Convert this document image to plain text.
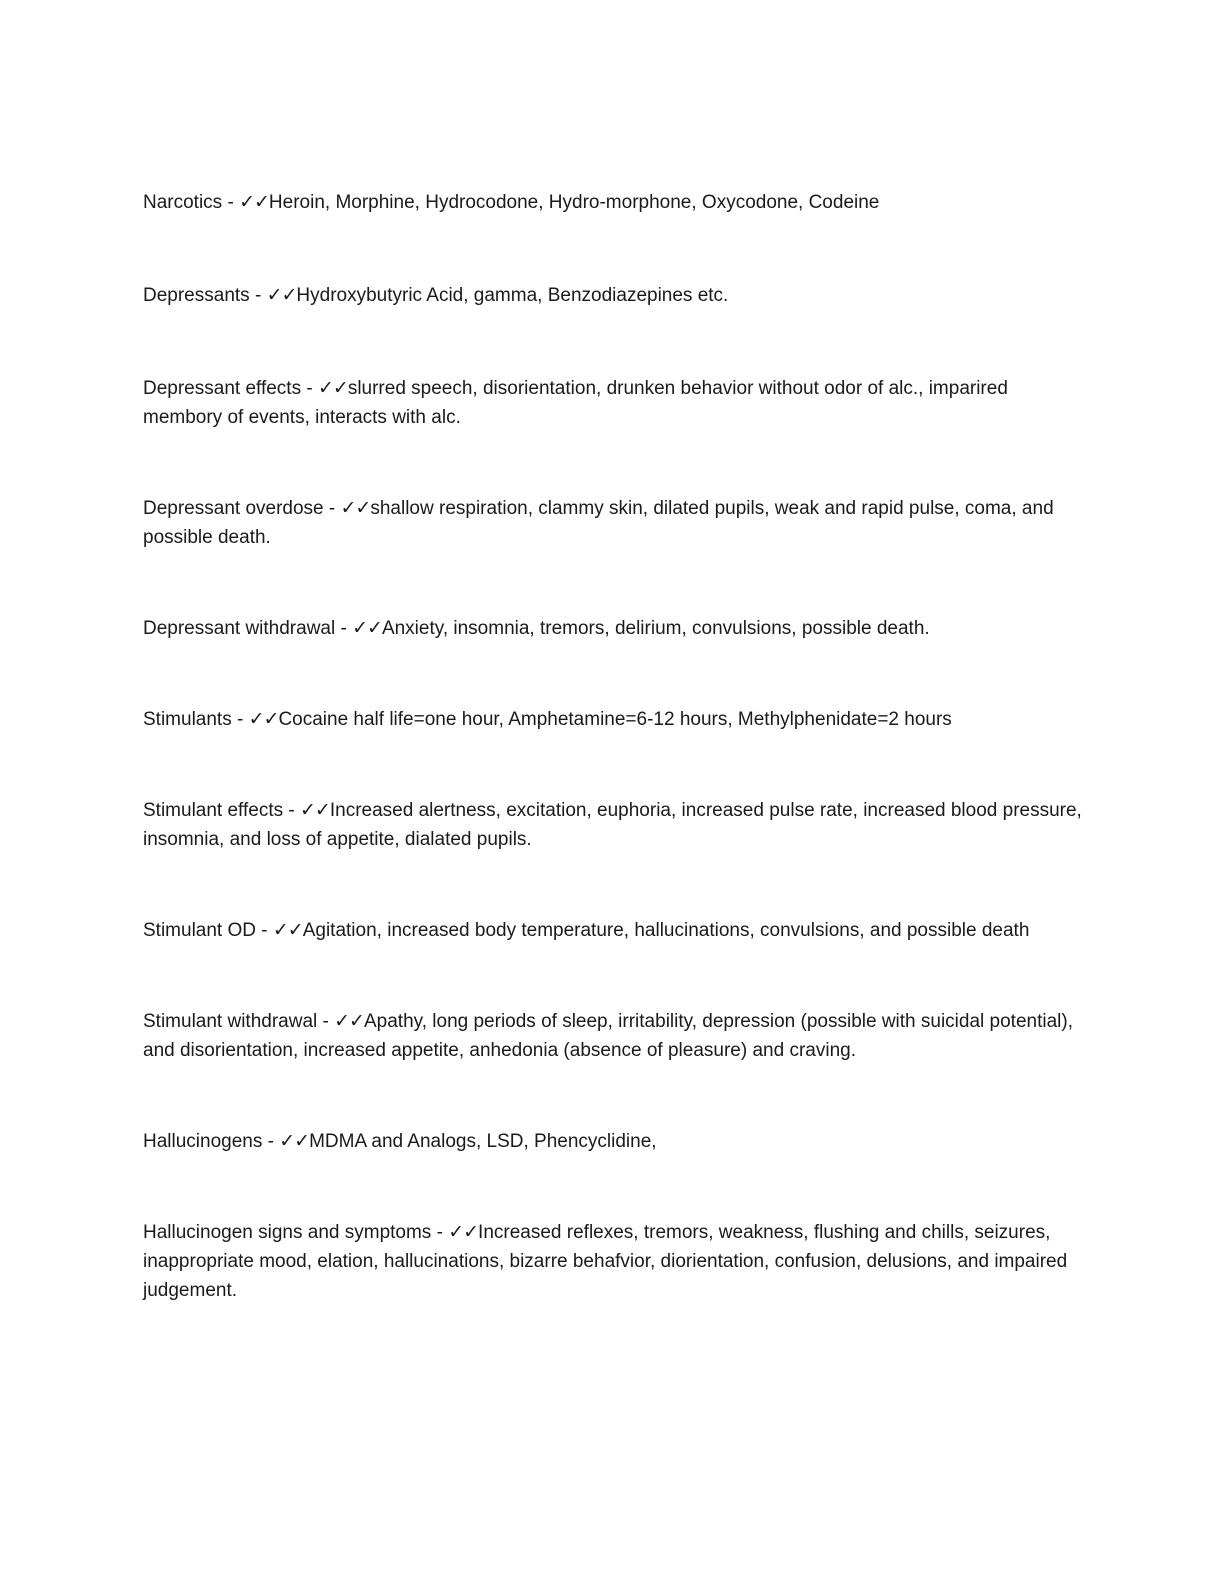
Narcotics - ✓✓Heroin, Morphine, Hydrocodone, Hydro-morphone, Oxycodone, Codeine

Depressants - ✓✓Hydroxybutyric Acid, gamma, Benzodiazepines etc.

Depressant effects - ✓✓slurred speech, disorientation, drunken behavior without odor of alc., imparired membory of events, interacts with alc.

Depressant overdose - ✓✓shallow respiration, clammy skin, dilated pupils, weak and rapid pulse, coma, and possible death.

Depressant withdrawal - ✓✓Anxiety, insomnia, tremors, delirium, convulsions, possible death.

Stimulants - ✓✓Cocaine half life=one hour, Amphetamine=6-12 hours, Methylphenidate=2 hours

Stimulant effects - ✓✓Increased alertness, excitation, euphoria, increased pulse rate, increased blood pressure, insomnia, and loss of appetite, dialated pupils.

Stimulant OD - ✓✓Agitation, increased body temperature, hallucinations, convulsions, and possible death

Stimulant withdrawal - ✓✓Apathy, long periods of sleep, irritability, depression (possible with suicidal potential), and disorientation, increased appetite, anhedonia (absence of pleasure) and craving.

Hallucinogens - ✓✓MDMA and Analogs, LSD, Phencyclidine,

Hallucinogen signs and symptoms - ✓✓Increased reflexes, tremors, weakness, flushing and chills, seizures, inappropriate mood, elation, hallucinations, bizarre behafvior, diorientation, confusion, delusions, and impaired judgement.
